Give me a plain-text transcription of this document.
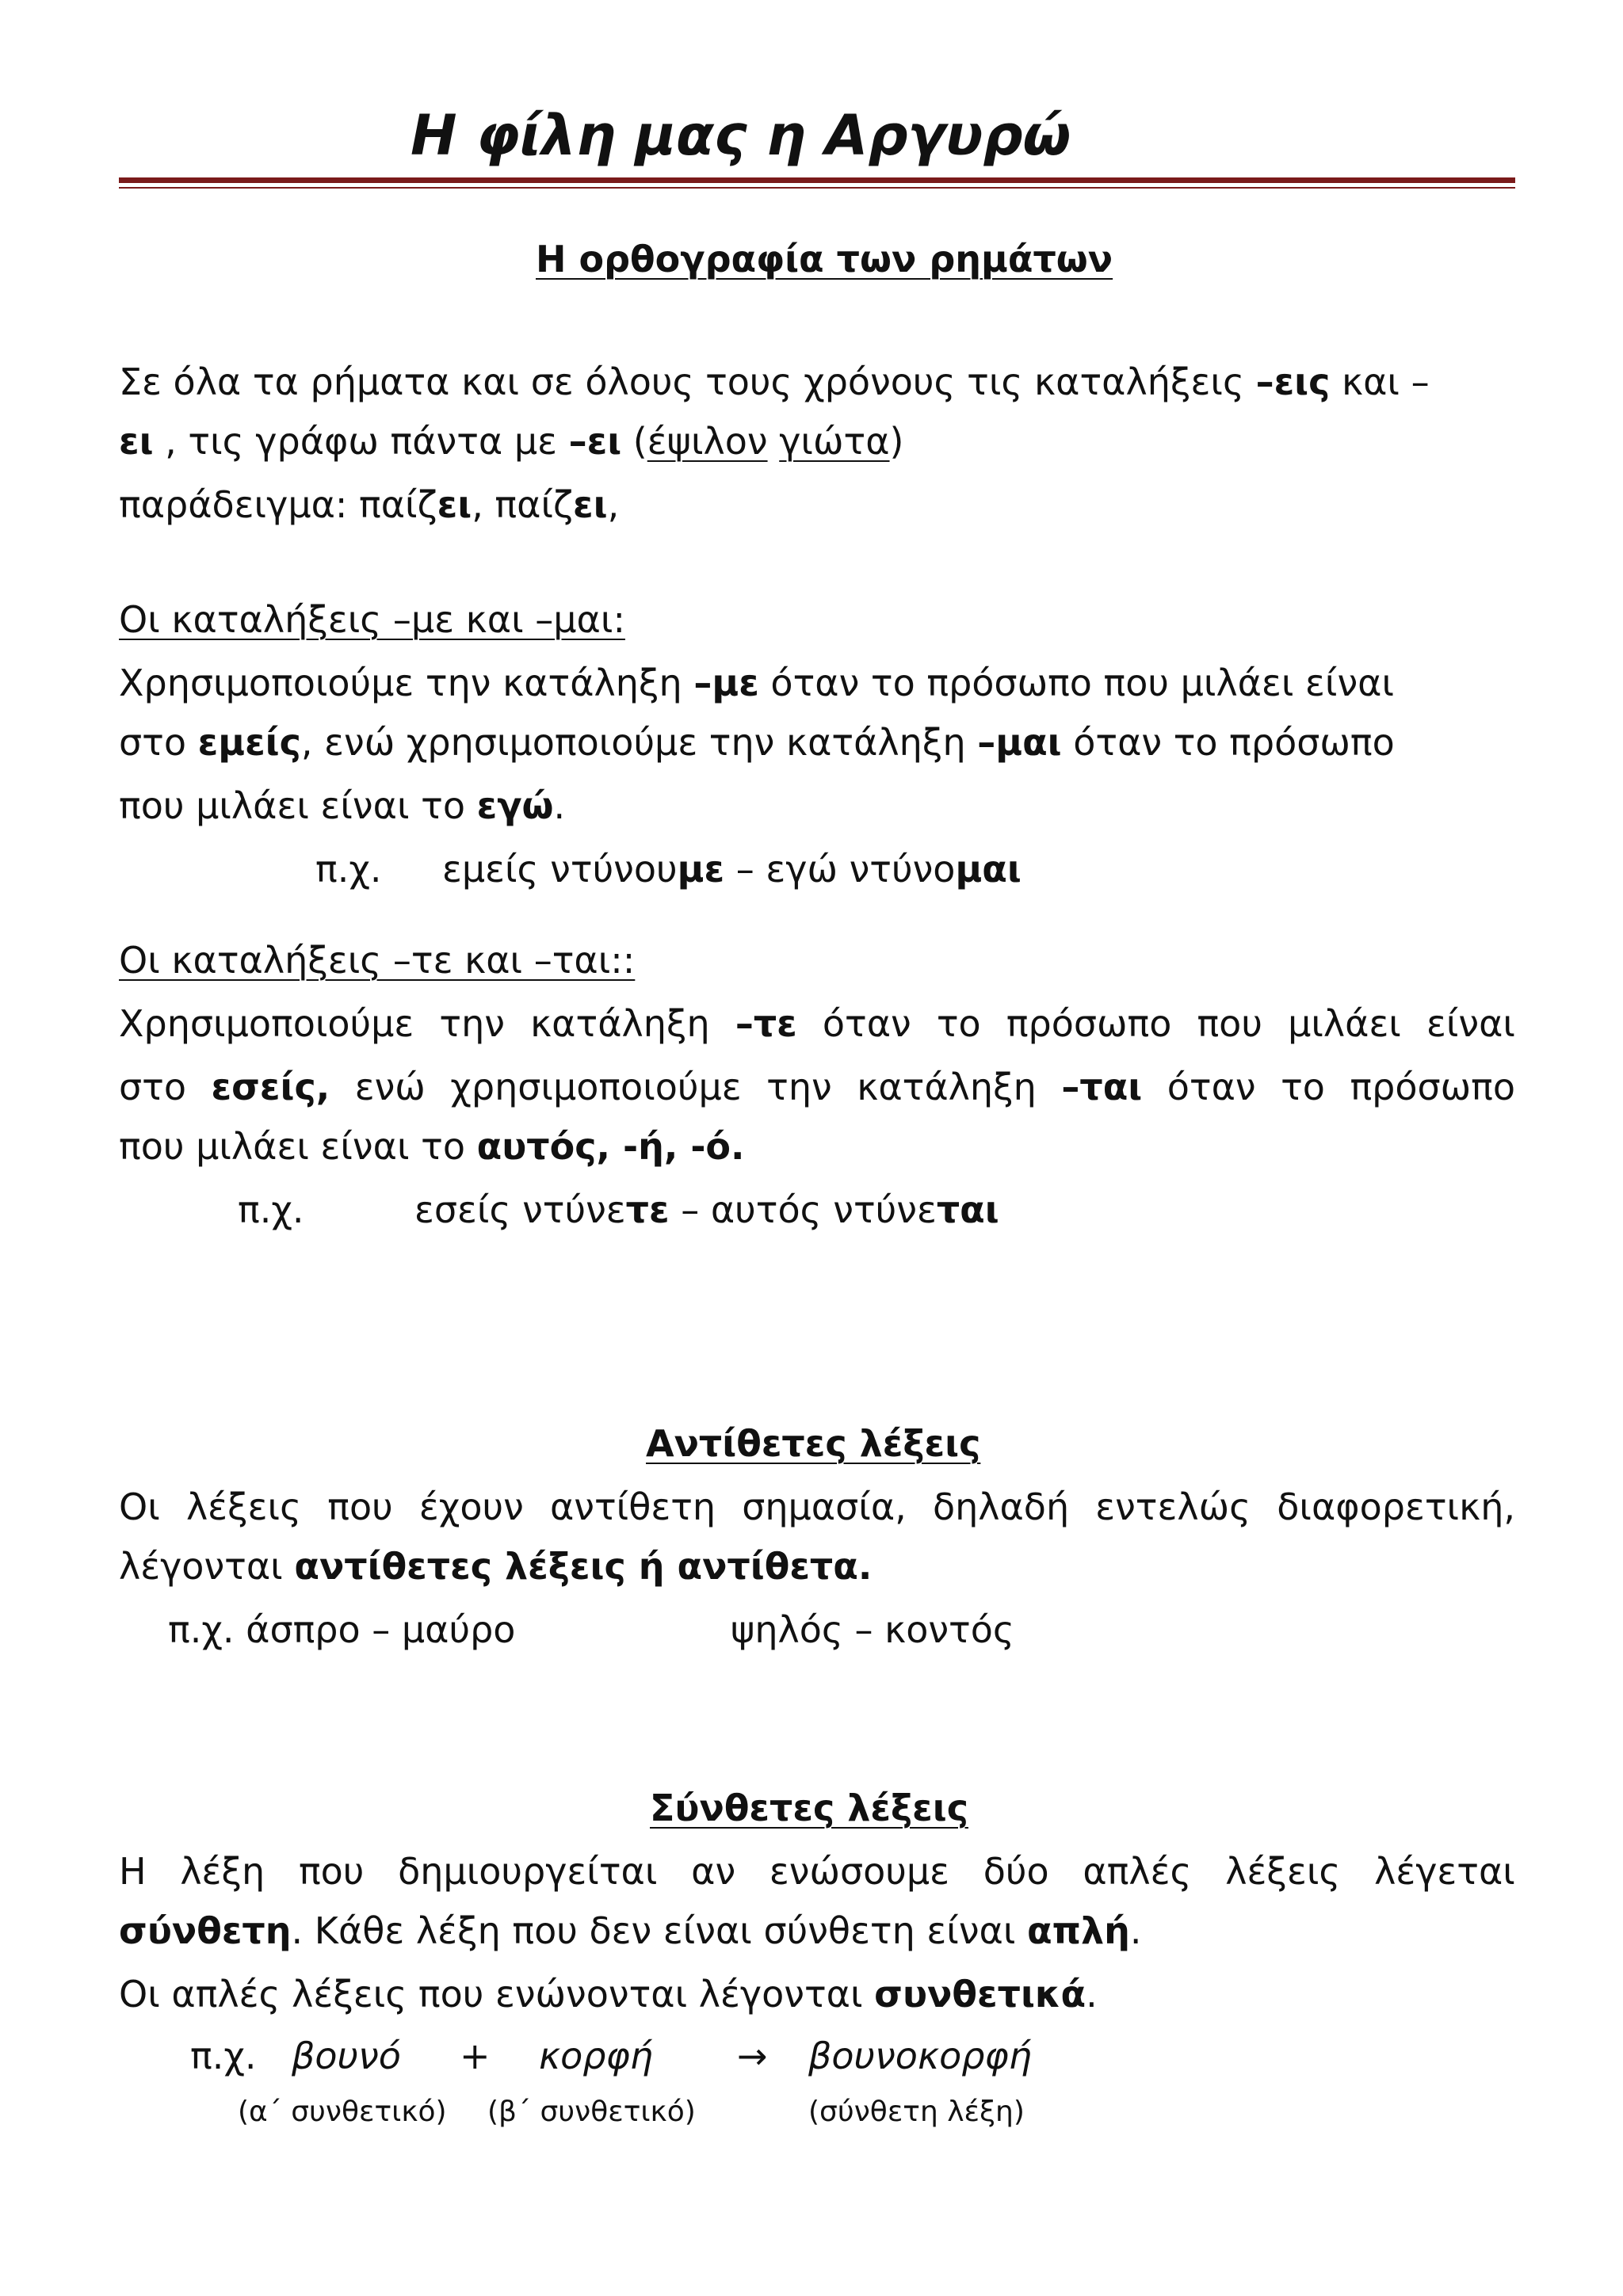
Η φίλη μας η Αργυρώ
Η ορθογραφία των ρημάτων
Σε όλα τα ρήματα και σε όλους τους χρόνους τις καταλήξεις –εις και –
ει , τις γράφω πάντα με –ει (έψιλον γιώτα)
παράδειγμα: παίζει, παίζει,
Οι καταλήξεις –με και –μαι:
Χρησιμοποιούμε την κατάληξη –με όταν το πρόσωπο που μιλάει είναι
στο εμείς, ενώ χρησιμοποιούμε την κατάληξη –μαι όταν το πρόσωπο
που μιλάει είναι το εγώ.
π.χ. εμείς ντύνουμε – εγώ ντύνομαι
Οι καταλήξεις –τε και –ται::
Χρησιμοποιούμε την κατάληξη –τε όταν το πρόσωπο που μιλάει είναι
στο εσείς, ενώ χρησιμοποιούμε την κατάληξη –ται όταν το πρόσωπο
που μιλάει είναι το αυτός, -ή, -ό.
π.χ.	εσείς ντύνετε – αυτός ντύνεται
Αντίθετες λέξεις
Οι λέξεις που έχουν αντίθετη σημασία, δηλαδή εντελώς διαφορετική,
λέγονται αντίθετες λέξεις ή αντίθετα.
π.χ. άσπρο – μαύρο	ψηλός – κοντός
Σύνθετες λέξεις
Η λέξη που δημιουργείται αν ενώσουμε δύο απλές λέξεις λέγεται
σύνθετη. Κάθε λέξη που δεν είναι σύνθετη είναι απλή.
Οι απλές λέξεις που ενώνονται λέγονται συνθετικά.
π.χ. βουνό + κορφή → βουνοκορφή
(α΄ συνθετικό) (β΄ συνθετικό)	(σύνθετη λέξη)
